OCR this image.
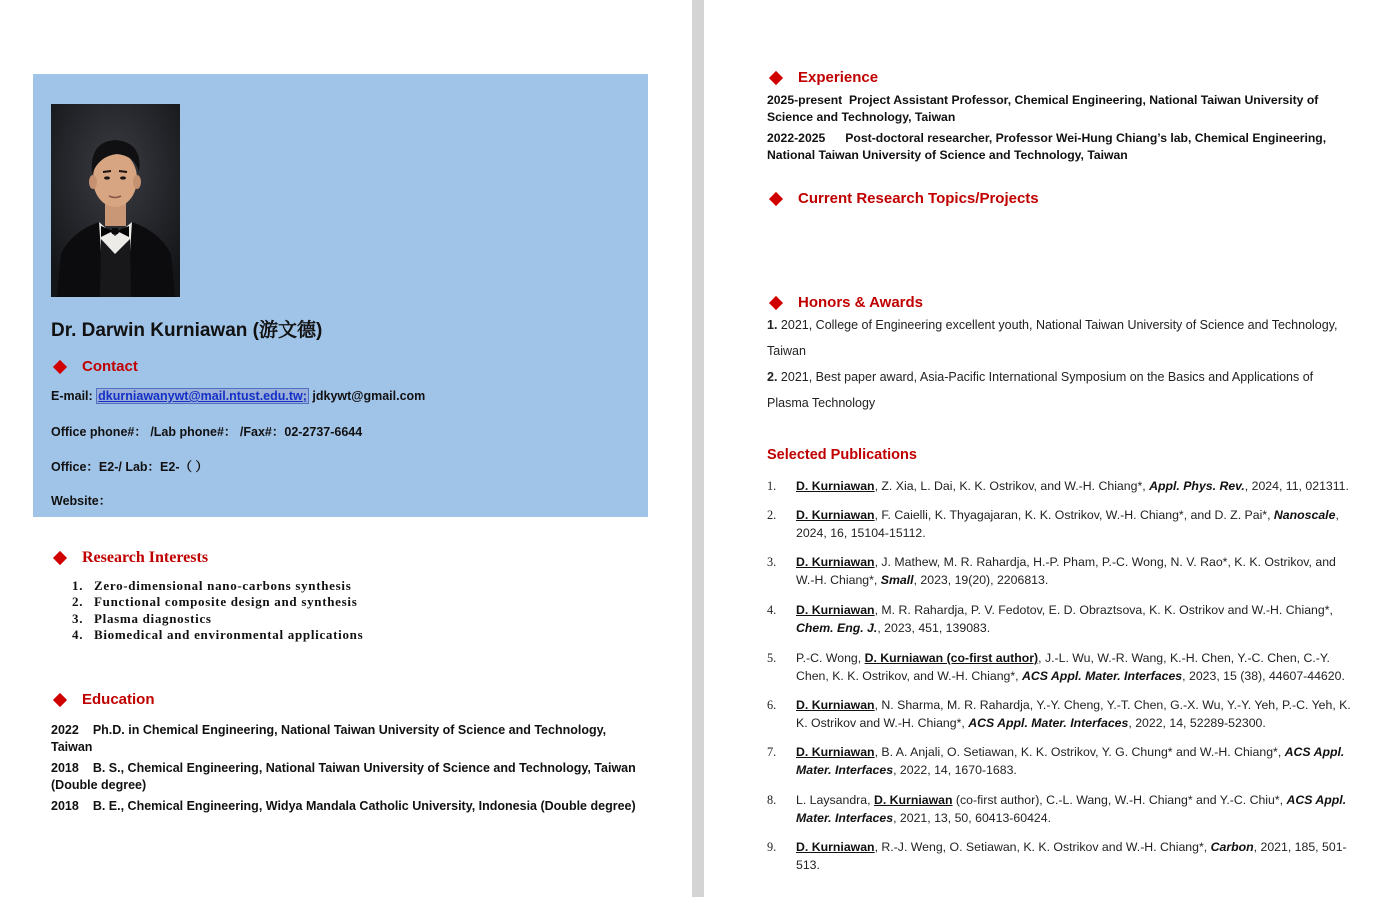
Dr. Darwin Kurniawan (游文德)
Contact
E-mail: dkurniawanywt@mail.ntust.edu.tw; jdkywt@gmail.com
Office phone#： /Lab phone#： /Fax#：02-2737-6644
Office：E2-/ Lab：E2-（ ）
Website：
Research Interests
1. Zero-dimensional nano-carbons synthesis
2. Functional composite design and synthesis
3. Plasma diagnostics
4. Biomedical and environmental applications
Education
2022 Ph.D. in Chemical Engineering, National Taiwan University of Science and Technology, Taiwan
2018 B. S., Chemical Engineering, National Taiwan University of Science and Technology, Taiwan (Double degree)
2018 B. E., Chemical Engineering, Widya Mandala Catholic University, Indonesia (Double degree)
Experience
2025-present Project Assistant Professor, Chemical Engineering, National Taiwan University of Science and Technology, Taiwan
2022-2025 Post-doctoral researcher, Professor Wei-Hung Chiang’s lab, Chemical Engineering, National Taiwan University of Science and Technology, Taiwan
Current Research Topics/Projects
Honors & Awards
1. 2021, College of Engineering excellent youth, National Taiwan University of Science and Technology, Taiwan
2. 2021, Best paper award, Asia-Pacific International Symposium on the Basics and Applications of Plasma Technology
Selected Publications
1.	D. Kurniawan, Z. Xia, L. Dai, K. K. Ostrikov, and W.-H. Chiang*, Appl. Phys. Rev., 2024, 11, 021311.
2.	D. Kurniawan, F. Caielli, K. Thyagajaran, K. K. Ostrikov, W.-H. Chiang*, and D. Z. Pai*, Nanoscale, 2024, 16, 15104-15112.
3.	D. Kurniawan, J. Mathew, M. R. Rahardja, H.-P. Pham, P.-C. Wong, N. V. Rao*, K. K. Ostrikov, and W.-H. Chiang*, Small, 2023, 19(20), 2206813.
4.	D. Kurniawan, M. R. Rahardja, P. V. Fedotov, E. D. Obraztsova, K. K. Ostrikov and W.-H. Chiang*, Chem. Eng. J., 2023, 451, 139083.
5.	P.-C. Wong, D. Kurniawan (co-first author), J.-L. Wu, W.-R. Wang, K.-H. Chen, Y.-C. Chen, C.-Y. Chen, K. K. Ostrikov, and W.-H. Chiang*, ACS Appl. Mater. Interfaces, 2023, 15 (38), 44607-44620.
6.	D. Kurniawan, N. Sharma, M. R. Rahardja, Y.-Y. Cheng, Y.-T. Chen, G.-X. Wu, Y.-Y. Yeh, P.-C. Yeh, K. K. Ostrikov and W.-H. Chiang*, ACS Appl. Mater. Interfaces, 2022, 14, 52289-52300.
7.	D. Kurniawan, B. A. Anjali, O. Setiawan, K. K. Ostrikov, Y. G. Chung* and W.-H. Chiang*, ACS Appl. Mater. Interfaces, 2022, 14, 1670-1683.
8.	L. Laysandra, D. Kurniawan (co-first author), C.-L. Wang, W.-H. Chiang* and Y.-C. Chiu*, ACS Appl. Mater. Interfaces, 2021, 13, 50, 60413-60424.
9.	D. Kurniawan, R.-J. Weng, O. Setiawan, K. K. Ostrikov and W.-H. Chiang*, Carbon, 2021, 185, 501-513.
